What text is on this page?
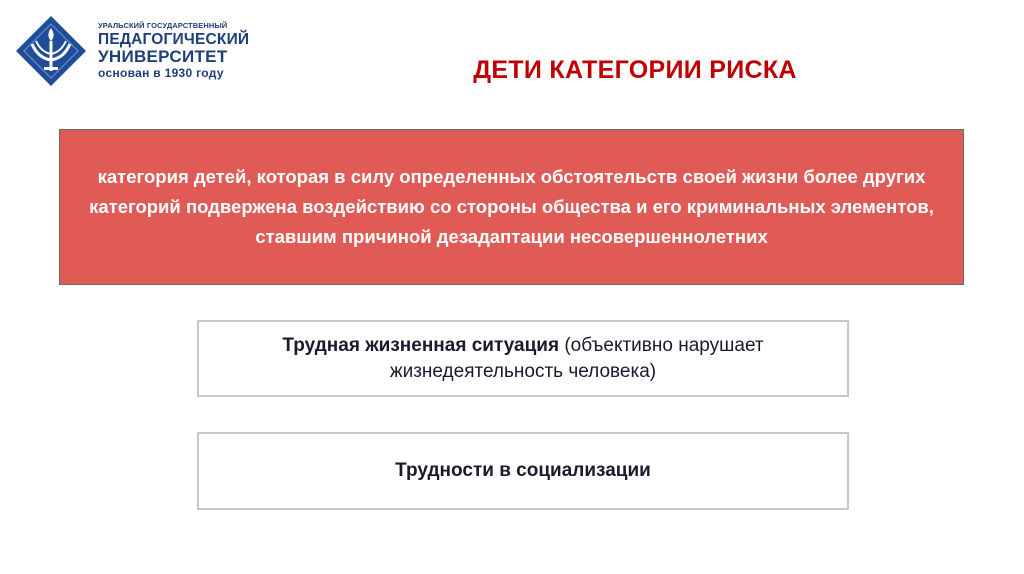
УРАЛЬСКИЙ ГОСУДАРСТВЕННЫЙ
ПЕДАГОГИЧЕСКИЙ
УНИВЕРСИТЕТ
основан в 1930 году	ДЕТИ КАТЕГОРИИ РИСКА
категория детей, которая в силу определенных обстоятельств своей жизни более других категорий подвержена воздействию со стороны общества и его криминальных элементов, ставшим причиной дезадаптации несовершеннолетних
Трудная жизненная ситуация (объективно нарушает жизнедеятельность человека)
Трудности в социализации
